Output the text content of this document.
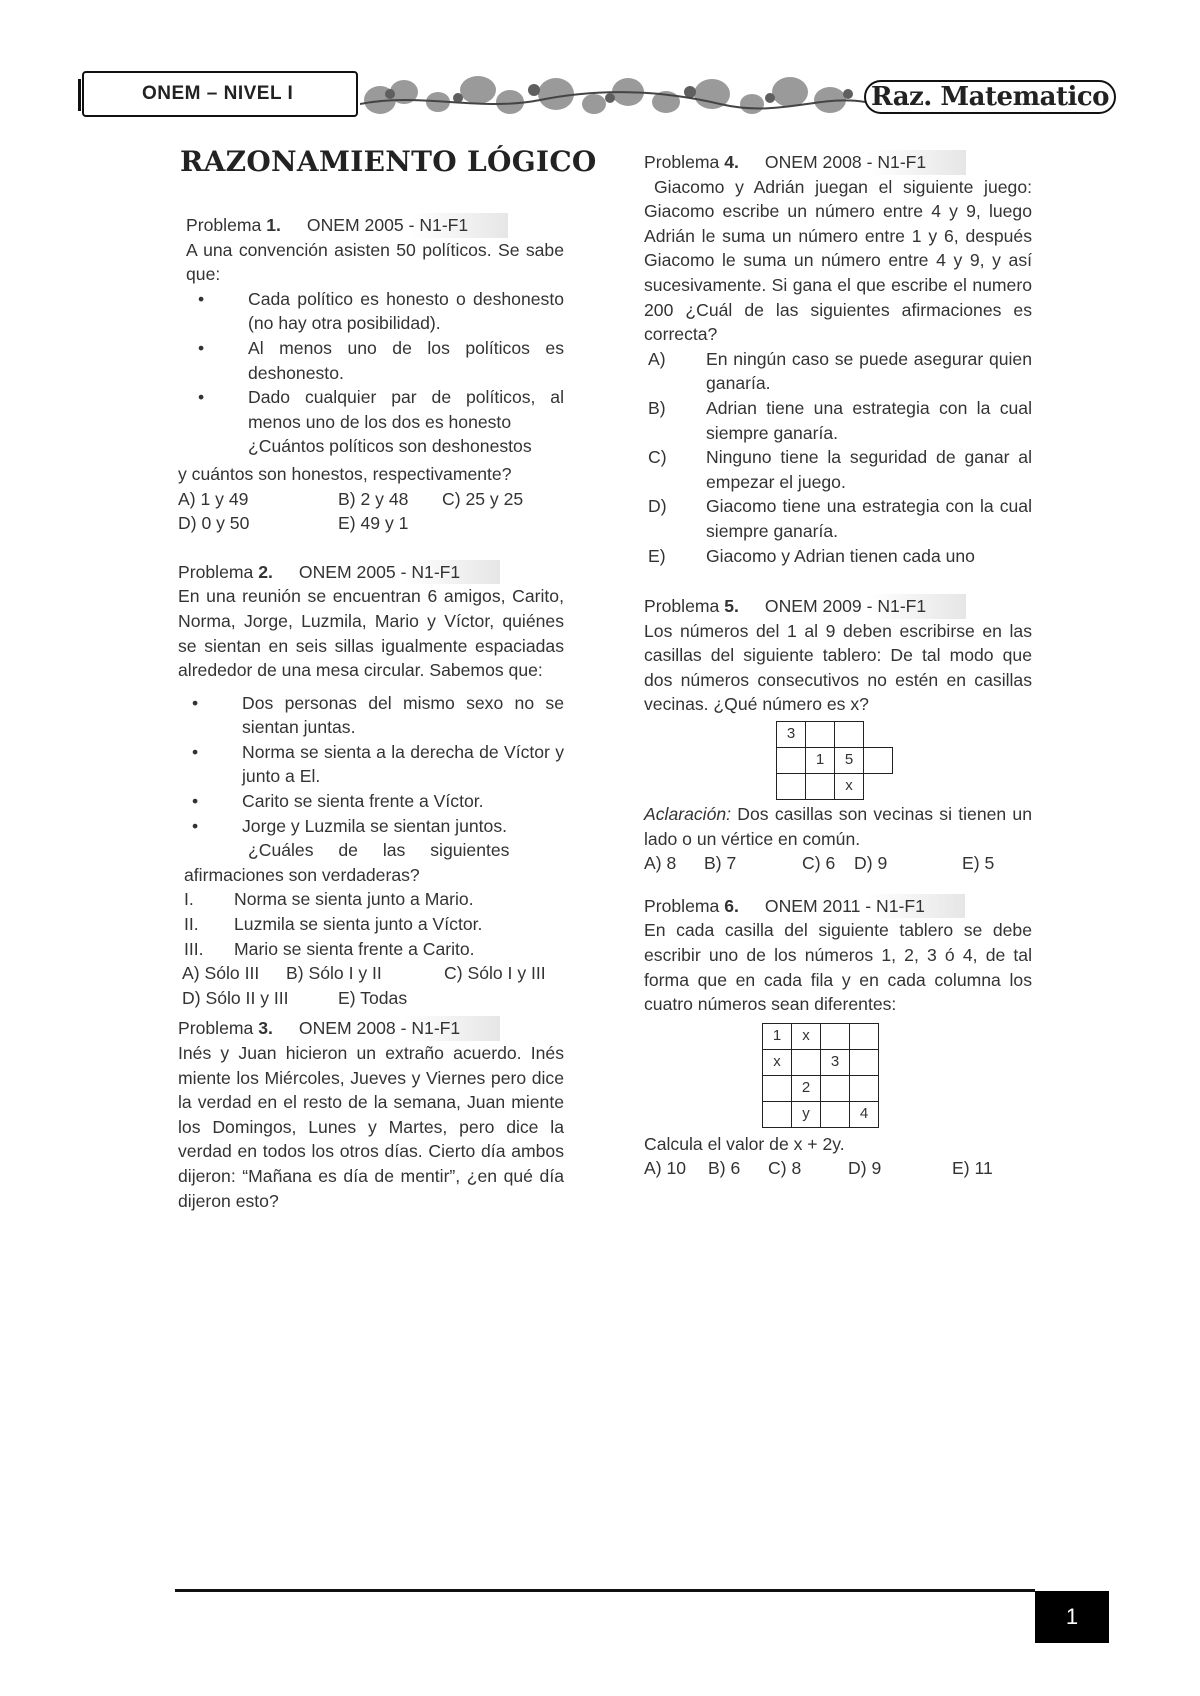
ONEM – NIVEL I	Raz. Matematico
RAZONAMIENTO LÓGICO
Problema 1. ONEM 2005 - N1-F1

A una convención asisten 50 políticos. Se sabe que:

• Cada político es honesto o deshonesto (no hay otra posibilidad).
• Al menos uno de los políticos es deshonesto.
• Dado cualquier par de políticos, al menos uno de los dos es honesto

¿Cuántos políticos son deshonestos

y cuántos son honestos, respectivamente?

A) 1 y 49	B) 2 y 48	C) 25 y 25
D) 0 y 50	E) 49 y 1
Problema 2. ONEM 2005 - N1-F1

En una reunión se encuentran 6 amigos, Carito, Norma, Jorge, Luzmila, Mario y Víctor, quiénes se sientan en seis sillas igualmente espaciadas alrededor de una mesa circular. Sabemos que:

• Dos personas del mismo sexo no se sientan juntas.
• Norma se sienta a la derecha de Víctor y junto a El.
• Carito se sienta frente a Víctor.
• Jorge y Luzmila se sientan juntos.

¿Cuáles de las siguientes

afirmaciones son verdaderas?

I. Norma se sienta junto a Mario.
II. Luzmila se sienta junto a Víctor.
III. Mario se sienta frente a Carito.
A) Sólo III	B) Sólo I y II	C) Sólo I y III
D) Sólo II y III	E) Todas
Problema 3. ONEM 2008 - N1-F1

Inés y Juan hicieron un extraño acuerdo. Inés miente los Miércoles, Jueves y Viernes pero dice la verdad en el resto de la semana, Juan miente los Domingos, Lunes y Martes, pero dice la verdad en todos los otros días. Cierto día ambos dijeron: “Mañana es día de mentir”, ¿en qué día dijeron esto?

Problema 4. ONEM 2008 - N1-F1

Giacomo y Adrián juegan el siguiente juego: Giacomo escribe un número entre 4 y 9, luego Adrián le suma un número entre 1 y 6, después Giacomo le suma un número entre 4 y 9, y así sucesivamente. Si gana el que escribe el numero 200 ¿Cuál de las siguientes afirmaciones es correcta?

A) En ningún caso se puede asegurar quien ganaría.
B) Adrian tiene una estrategia con la cual siempre ganaría.
C) Ninguno tiene la seguridad de ganar al empezar el juego.
D) Giacomo tiene una estrategia con la cual siempre ganaría.
E) Giacomo y Adrian tienen cada uno
Problema 5. ONEM 2009 - N1-F1

Los números del 1 al 9 deben escribirse en las casillas del siguiente tablero: De tal modo que dos números consecutivos no estén en casillas vecinas. ¿Qué número es x?

3			
	1	5	
		x	

Aclaración: Dos casillas son vecinas si tienen un lado o un vértice en común.

A) 8	B) 7	C) 6	D) 9	E) 5
Problema 6. ONEM 2011 - N1-F1

En cada casilla del siguiente tablero se debe escribir uno de los números 1, 2, 3 ó 4, de tal forma que en cada fila y en cada columna los cuatro números sean diferentes:

1	x		
x		3	
	2		
	y		4

Calcula el valor de x + 2y.

A) 10	B) 6	C) 8	D) 9	E) 11
1
